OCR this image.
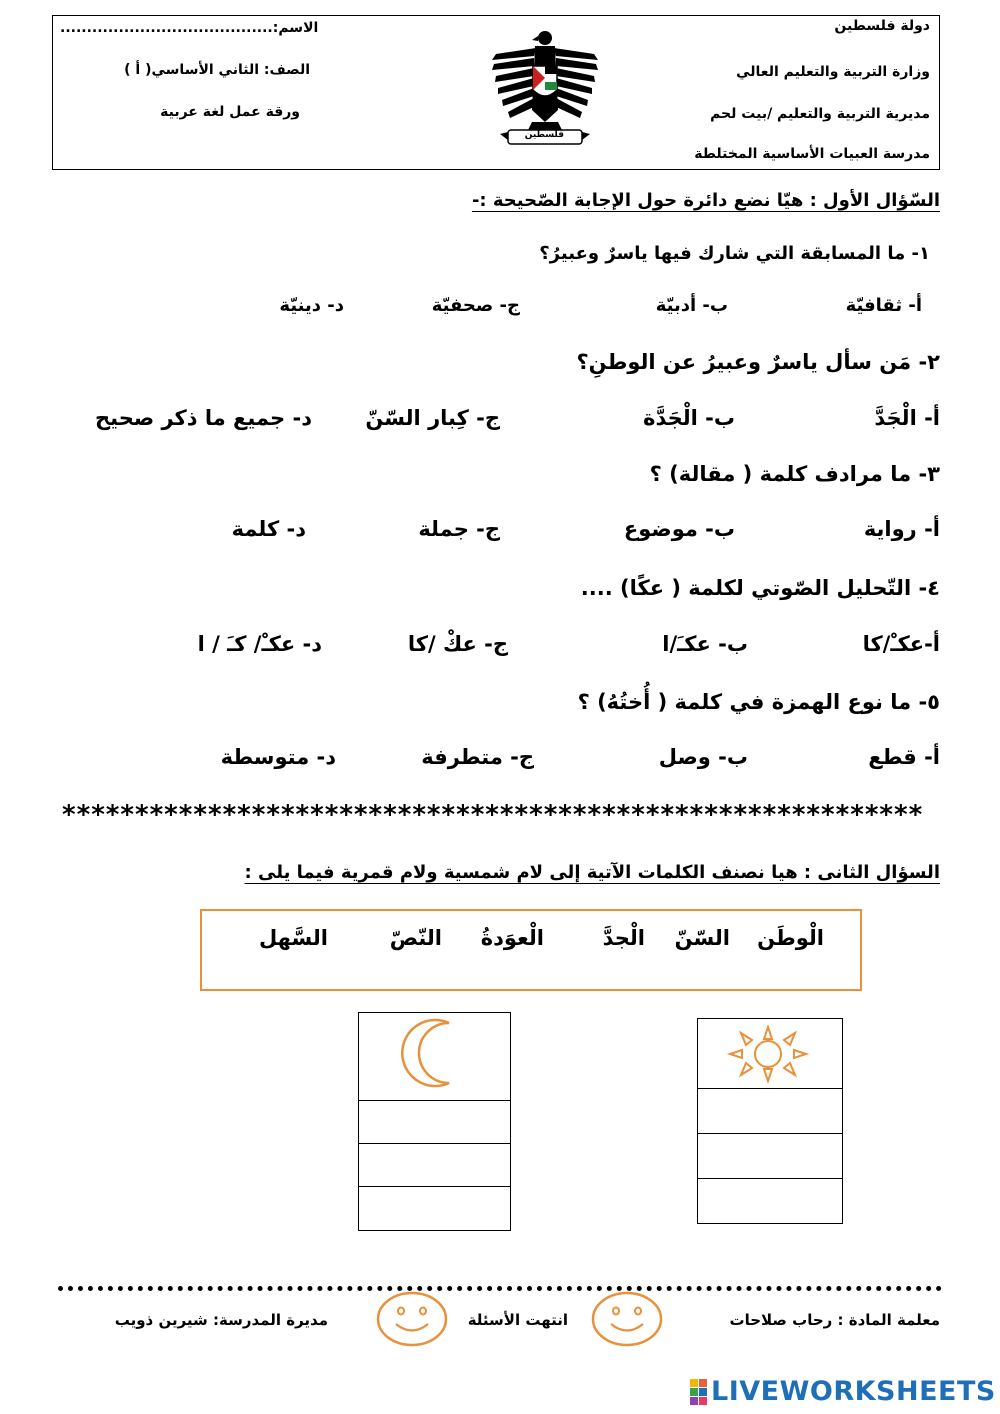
دولة فلسطين
وزارة التربية والتعليم العالي
مديرية التربية والتعليم /بيت لحم
مدرسة العبيات الأساسية المختلطة
الاسم:........................................
الصف: الثاني الأساسي( أ )
ورقة عمل لغة عربية
فلسطين
السّؤال الأول : هيّا نضع دائرة حول الإجابة الصّحيحة :-
١- ما المسابقة التي شارك فيها ياسرٌ وعبيرُ؟
أ- ثقافيّة
ب- أدبيّة
ج- صحفيّة
د- دينيّة
٢- مَن سأل ياسرٌ وعبيرُ عن الوطنِ؟
أ- الْجَدَّ
ب- الْجَدَّة
ج- كِبار السّنّ
د- جميع ما ذكر صحيح
٣- ما مرادف كلمة ( مقالة) ؟
أ- رواية
ب- موضوع
ج- جملة
د- كلمة
٤- التّحليل الصّوتي لكلمة ( عكًا) ....
أ-عكـْ/كا
ب- عكـَ/ا
ج- عكْ /كا
د- عكـْ/ كـَ / ا
٥- ما نوع الهمزة في كلمة ( أُختُهُ) ؟
أ- قطع
ب- وصل
ج- متطرفة
د- متوسطة
***********************************************************
السؤال الثانى : هيا نصنف الكلمات الآتية إلى لام شمسية ولام قمرية فيما يلى :
الْوطَن
السّنّ
الْجدَّ
الْعوَدةُ
النّصّ
السَّهل
معلمة المادة : رحاب صلاحات
انتهت الأسئلة
مديرة المدرسة: شيرين ذويب
LIVEWORKSHEETS
